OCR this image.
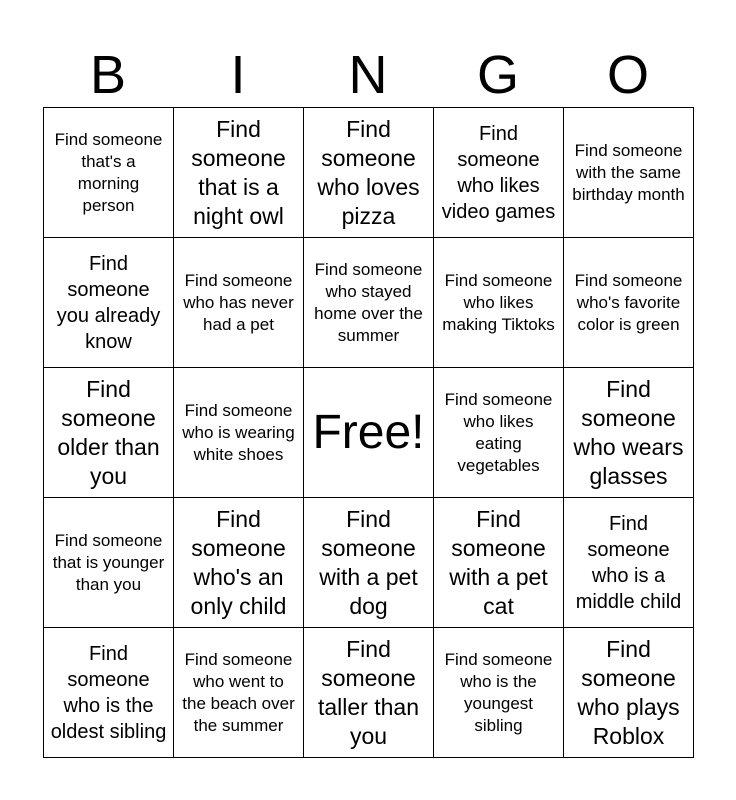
B	I	N	G	O
Find someone that's a morning person	Find someone that is a night owl	Find someone who loves pizza	Find someone who likes video games	Find someone with the same birthday month
Find someone you already know	Find someone who has never had a pet	Find someone who stayed home over the summer	Find someone who likes making Tiktoks	Find someone who's favorite color is green
Find someone older than you	Find someone who is wearing white shoes	Free!	Find someone who likes eating vegetables	Find someone who wears glasses
Find someone that is younger than you	Find someone who's an only child	Find someone with a pet dog	Find someone with a pet cat	Find someone who is a middle child
Find someone who is the oldest sibling	Find someone who went to the beach over the summer	Find someone taller than you	Find someone who is the youngest sibling	Find someone who plays Roblox
